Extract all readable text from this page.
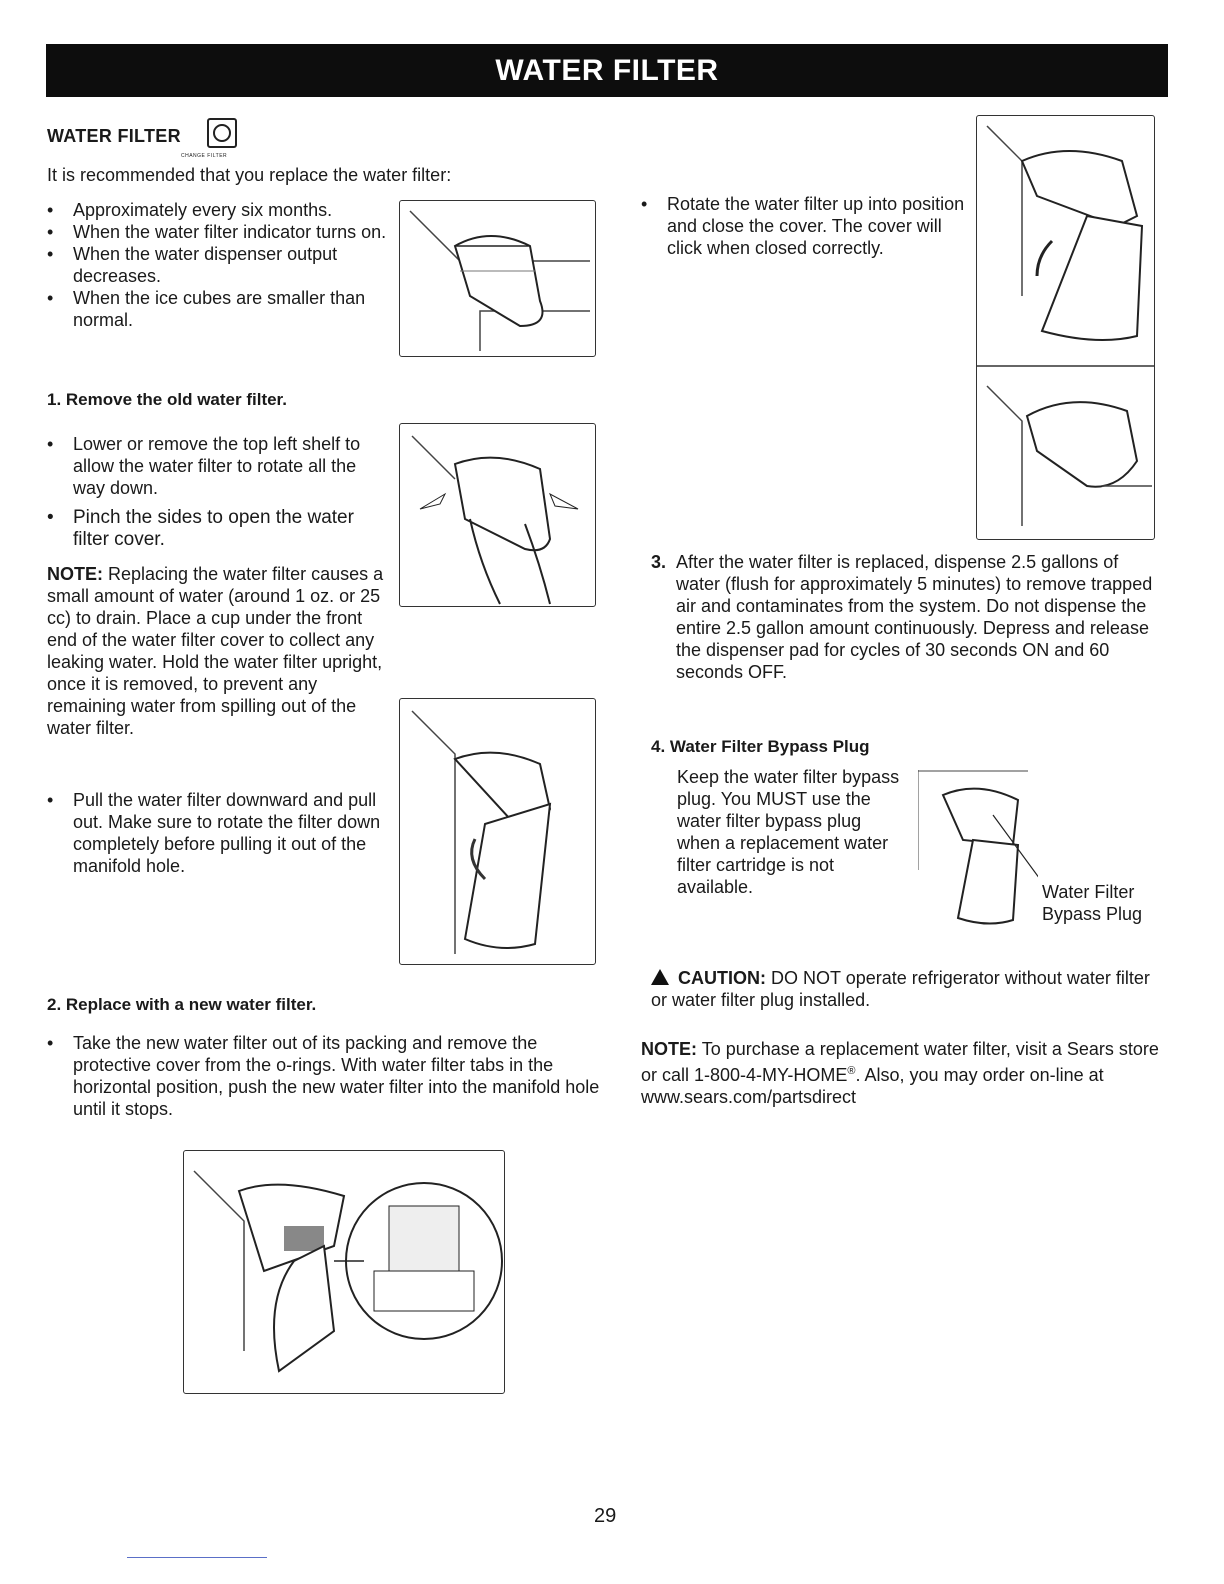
WATER FILTER
WATER FILTER
CHANGE FILTER
It is recommended that you replace the water filter:
• Approximately every six months.
• When the water filter indicator turns on.
• When the water dispenser output decreases.
• When the ice cubes are smaller than normal.
1. Remove the old water filter.
• Lower or remove the top left shelf to allow the water filter to rotate all the way down.
• Pinch the sides to open the water filter cover.
NOTE: Replacing the water filter causes a small amount of water (around 1 oz. or 25 cc) to drain. Place a cup under the front end of the water filter cover to collect any leaking water. Hold the water filter upright, once it is removed, to prevent any remaining water from spilling out of the water filter.
• Pull the water filter downward and pull out. Make sure to rotate the filter down completely before pulling it out of the manifold hole.
2. Replace with a new water filter.
• Take the new water filter out of its packing and remove the protective cover from the o-rings. With water filter tabs in the horizontal position, push the new water filter into the manifold hole until it stops.
• Rotate the water filter up into position and close the cover. The cover will click when closed correctly.
3. After the water filter is replaced, dispense 2.5 gallons of water (flush for approximately 5 minutes) to remove trapped air and contaminates from the system. Do not dispense the entire 2.5 gallon amount continuously. Depress and release the dispenser pad for cycles of 30 seconds ON and 60 seconds OFF.
4. Water Filter Bypass Plug
Keep the water filter bypass plug. You MUST use the water filter bypass plug when a replacement water filter cartridge is not available.	Water Filter
Bypass Plug
CAUTION: DO NOT operate refrigerator without water filter or water filter plug installed.
NOTE: To purchase a replacement water filter, visit a Sears store or call 1-800-4-MY-HOME®. Also, you may order on-line at www.sears.com/partsdirect
29
